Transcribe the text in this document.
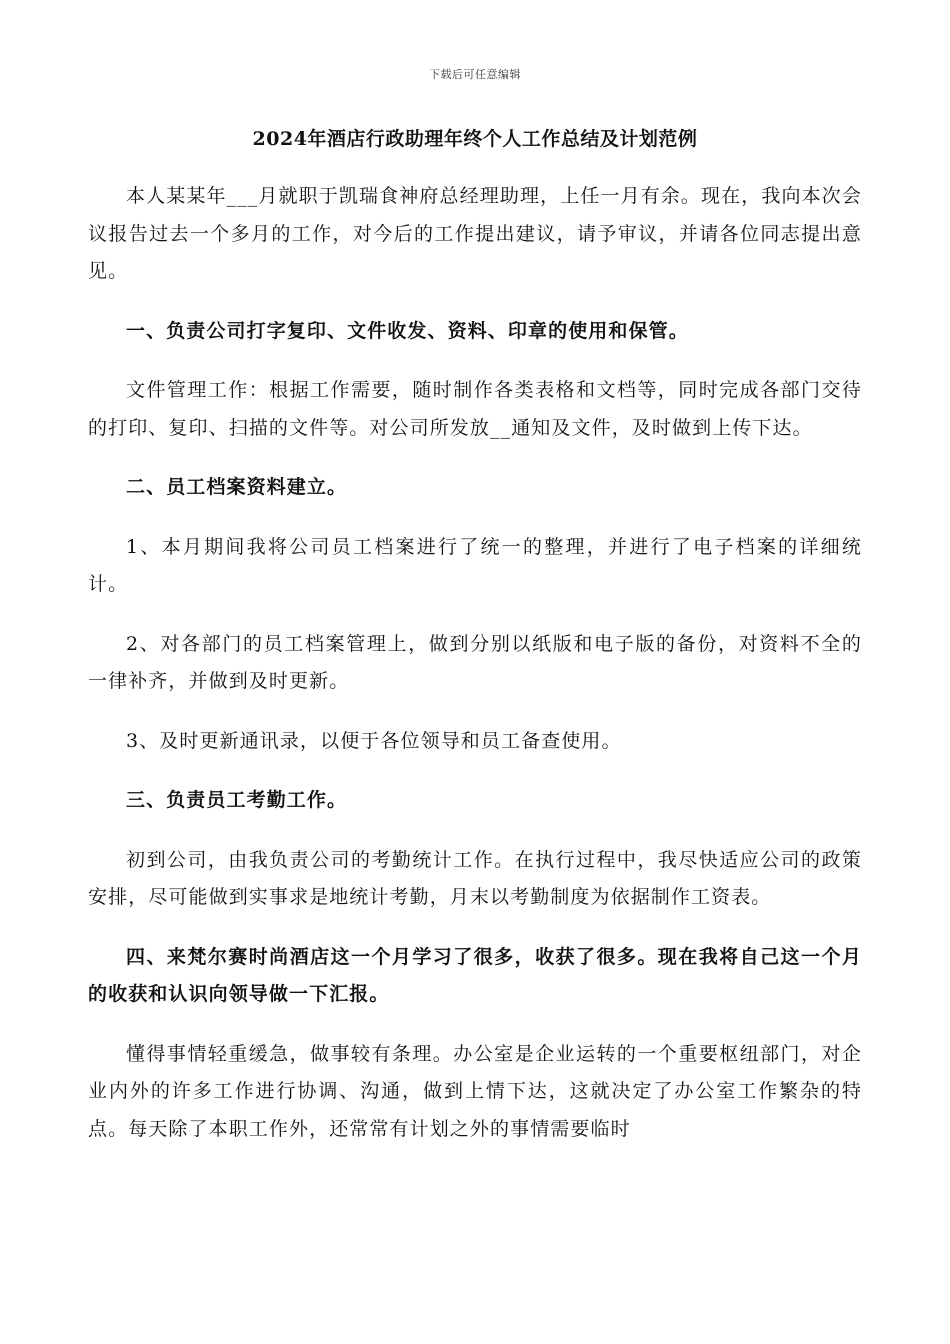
下载后可任意编辑
2024年酒店行政助理年终个人工作总结及计划范例

本人某某年___月就职于凯瑞食神府总经理助理，上任一月有余。现在，我向本次会议报告过去一个多月的工作，对今后的工作提出建议，请予审议，并请各位同志提出意见。

一、负责公司打字复印、文件收发、资料、印章的使用和保管。

文件管理工作：根据工作需要，随时制作各类表格和文档等，同时完成各部门交待的打印、复印、扫描的文件等。对公司所发放__通知及文件，及时做到上传下达。

二、员工档案资料建立。

1、本月期间我将公司员工档案进行了统一的整理，并进行了电子档案的详细统计。

2、对各部门的员工档案管理上，做到分别以纸版和电子版的备份，对资料不全的一律补齐，并做到及时更新。

3、及时更新通讯录，以便于各位领导和员工备查使用。

三、负责员工考勤工作。

初到公司，由我负责公司的考勤统计工作。在执行过程中，我尽快适应公司的政策安排，尽可能做到实事求是地统计考勤，月末以考勤制度为依据制作工资表。

四、来梵尔赛时尚酒店这一个月学习了很多，收获了很多。现在我将自己这一个月的收获和认识向领导做一下汇报。

懂得事情轻重缓急，做事较有条理。办公室是企业运转的一个重要枢纽部门，对企业内外的许多工作进行协调、沟通，做到上情下达，这就决定了办公室工作繁杂的特点。每天除了本职工作外，还常常有计划之外的事情需要临时
